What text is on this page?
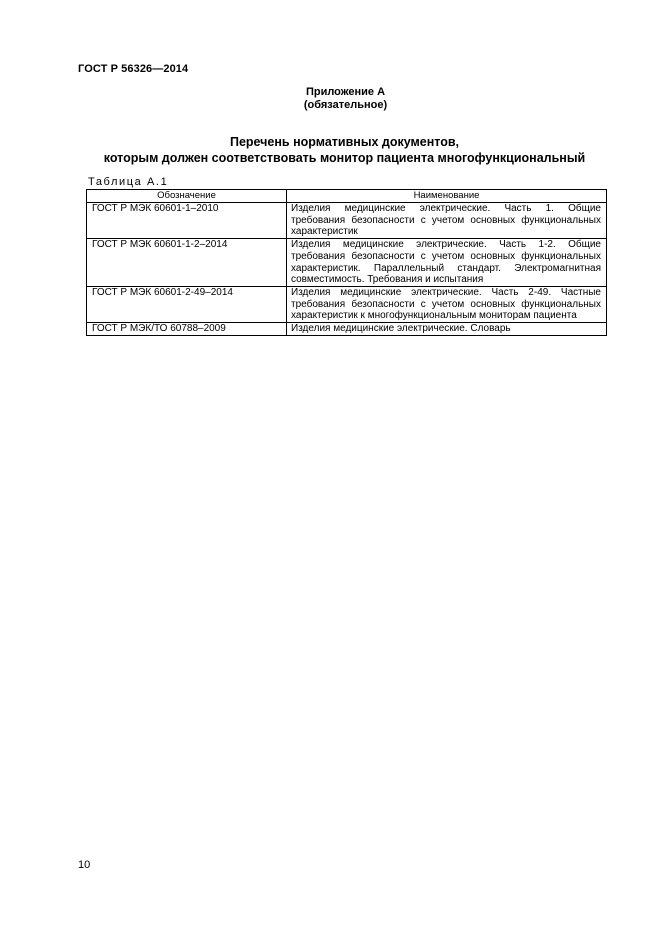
ГОСТ Р 56326—2014
Приложение А
(обязательное)
Перечень нормативных документов,
которым должен соответствовать монитор пациента многофункциональный
Таблица А.1
Обозначение	Наименование
ГОСТ Р МЭК 60601-1–2010	Изделия медицинские электрические. Часть 1. Общие требования безопасности с учетом основных функциональных характеристик
ГОСТ Р МЭК 60601-1-2–2014	Изделия медицинские электрические. Часть 1-2. Общие требования безопасности с учетом основных функциональных характеристик. Параллельный стандарт. Электромагнитная совместимость. Требования и испытания
ГОСТ Р МЭК 60601-2-49–2014	Изделия медицинские электрические. Часть 2-49. Частные требования безопасности с учетом основных функциональных характеристик к многофункциональным мониторам пациента
ГОСТ Р МЭК/ТО 60788–2009	Изделия медицинские электрические. Словарь
10
